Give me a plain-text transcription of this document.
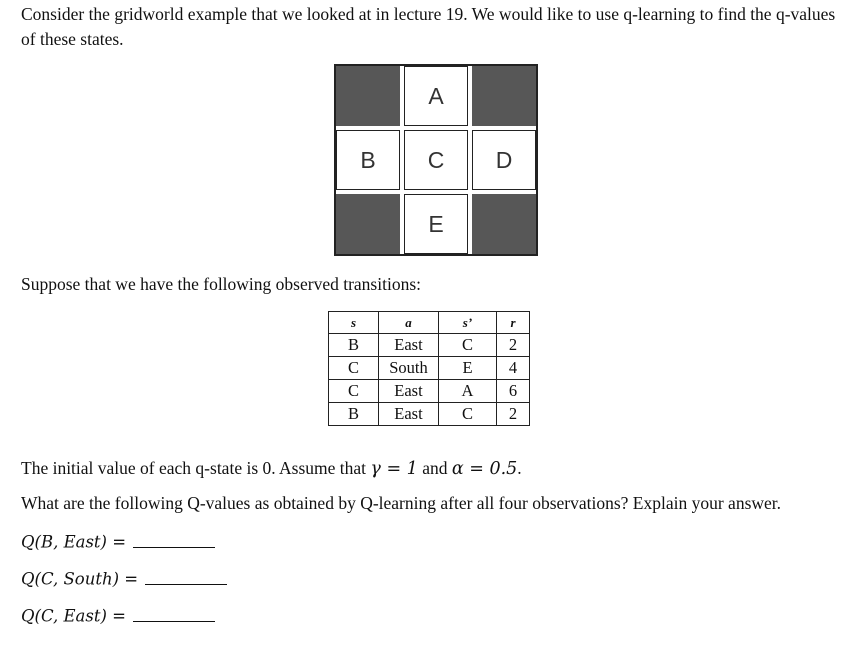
Consider the gridworld example that we looked at in lecture 19. We would like to use q-learning to find the q-values of these states.
A
B	C	D
E
Suppose that we have the following observed transitions:
s	a	s’	r
B	East	C	2
C	South	E	4
C	East	A	6
B	East	C	2
The initial value of each q-state is 0. Assume that γ = 1 and α = 0.5.
What are the following Q-values as obtained by Q-learning after all four observations? Explain your answer.
Q(B, East) =
Q(C, South) =
Q(C, East) =
